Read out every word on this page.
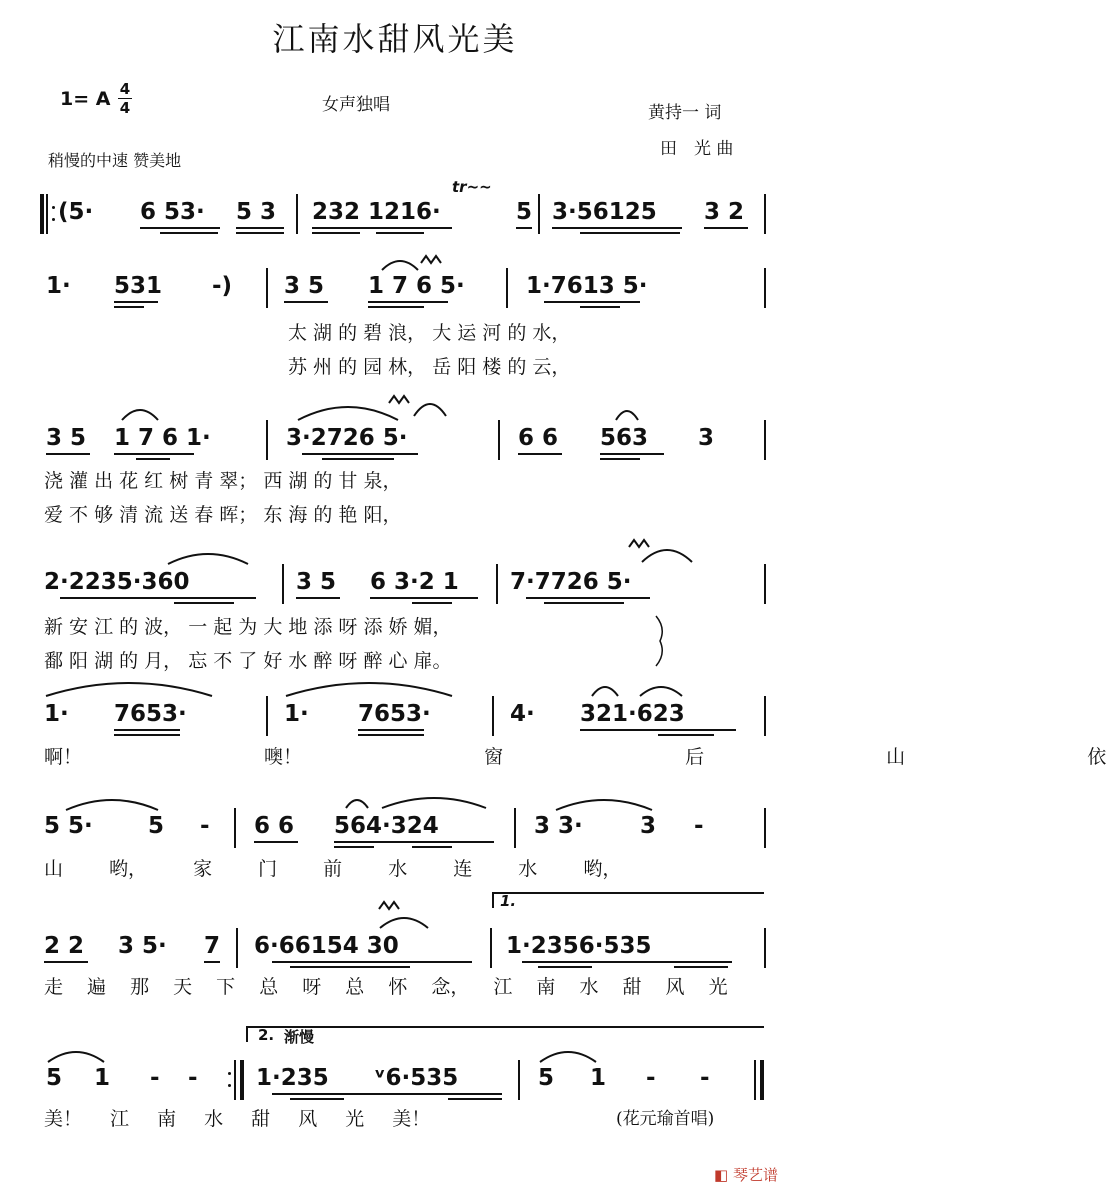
江南水甜风光美
1= A 4
4	女声独唱	黄持一 词
田　光 曲
稍慢的中速 赞美地
tr~~
(5· 6 53· 5 3 232 1216·	5 3·56125 3 2
1· 531 -) 3 5 1 7 6 5·	1·7613 5·
太 湖 的 碧 浪， 大 运 河 的 水，
苏 州 的 园 林， 岳 阳 楼 的 云，
3 5 1 7 6 1·	3·2726 5·	6 6 563 3
浇 灌 出 花 红 树 青 翠； 西 湖 的 甘 泉，
爱 不 够 清 流 送 春 晖； 东 海 的 艳 阳，
2·2235·360	3 5 6 3·2 1 7·7726 5·
新 安 江 的 波， 一 起 为 大 地 添 呀 添 娇 媚，
鄱 阳 湖 的 月， 忘 不 了 好 水 醉 呀 醉 心 扉。
1· 7653·	1· 7653·	4· 321·623
啊！ 噢！ 窗 后 山 依
5 5· 5 - 6 6 564·324	3 3· 3 -
山 哟， 家 门 前 水 连 水 哟，
2 2 3 5· 7 6·66154 30	1·2356·535
1.
走 遍 那 天 下 总 呀 总 怀 念， 江 南 水 甜 风 光
5 1 - -	1·235 ᵛ6·535	5 1 - -
2. 渐慢
美！ 江 南 水 甜 风 光 美！	(花元瑜首唱)
◧ 琴艺谱
